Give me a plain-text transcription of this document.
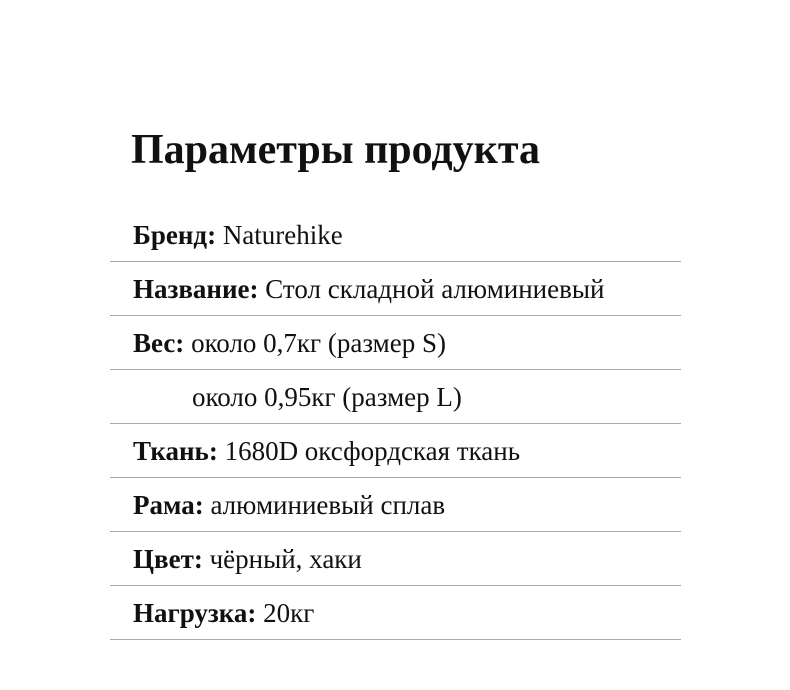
Параметры продукта
Бренд: Naturehike
Название: Стол складной алюминиевый
Вес: около 0,7кг (размер S)
около 0,95кг (размер L)
Ткань: 1680D оксфордская ткань
Рама: алюминиевый сплав
Цвет: чёрный, хаки
Нагрузка: 20кг
